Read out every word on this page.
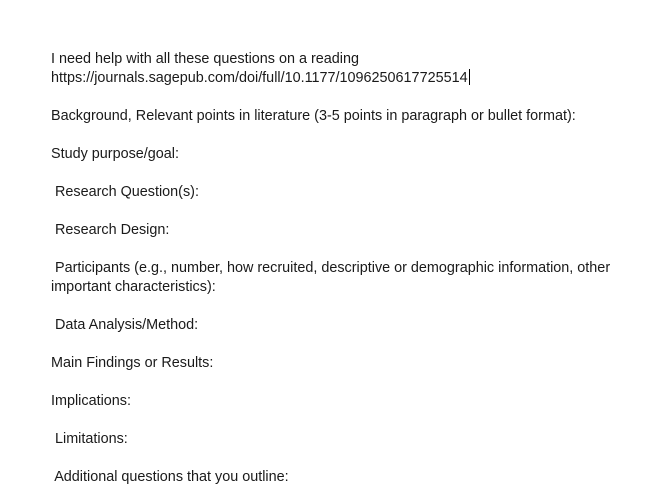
I need help with all these questions on a reading

https://journals.sagepub.com/doi/full/10.1177/1096250617725514

Background, Relevant points in literature (3-5 points in paragraph or bullet format):

Study purpose/goal:

Research Question(s):

Research Design:

Participants (e.g., number, how recruited, descriptive or demographic information, other important characteristics):

Data Analysis/Method:

Main Findings or Results:

Implications:

Limitations:

Additional questions that you outline:
